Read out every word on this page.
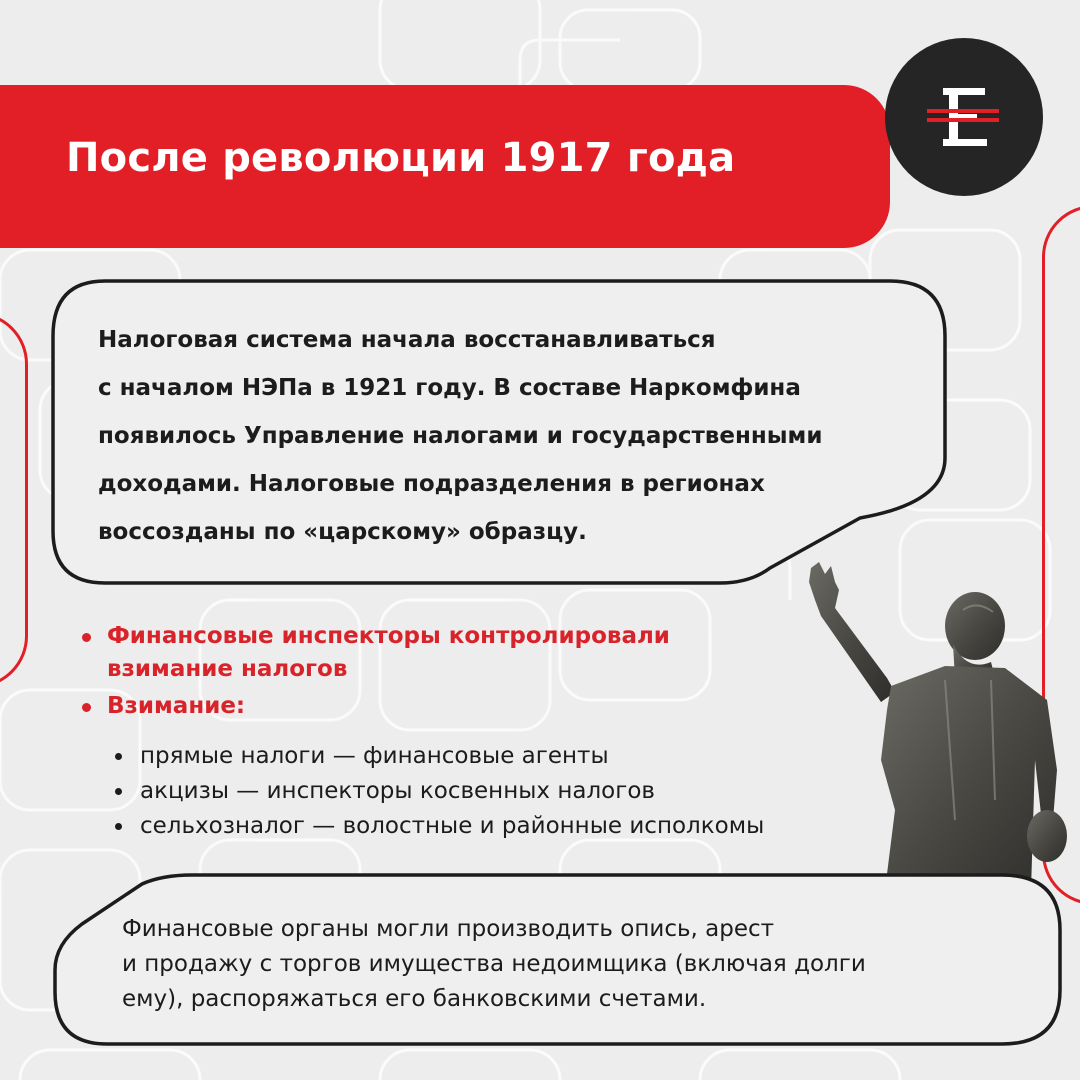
После революции 1917 года
Налоговая система начала восстанавливаться
с началом НЭПа в 1921 году. В составе Наркомфина
появилось Управление налогами и государственными
доходами. Налоговые подразделения в регионах
воссозданы по «царскому» образцу.
Финансовые инспекторы контролировали
взимание налогов
Взимание:
прямые налоги — финансовые агенты
акцизы — инспекторы косвенных налогов
сельхозналог — волостные и районные исполкомы
Финансовые органы могли производить опись, арест
и продажу с торгов имущества недоимщика (включая долги
ему), распоряжаться его банковскими счетами.
